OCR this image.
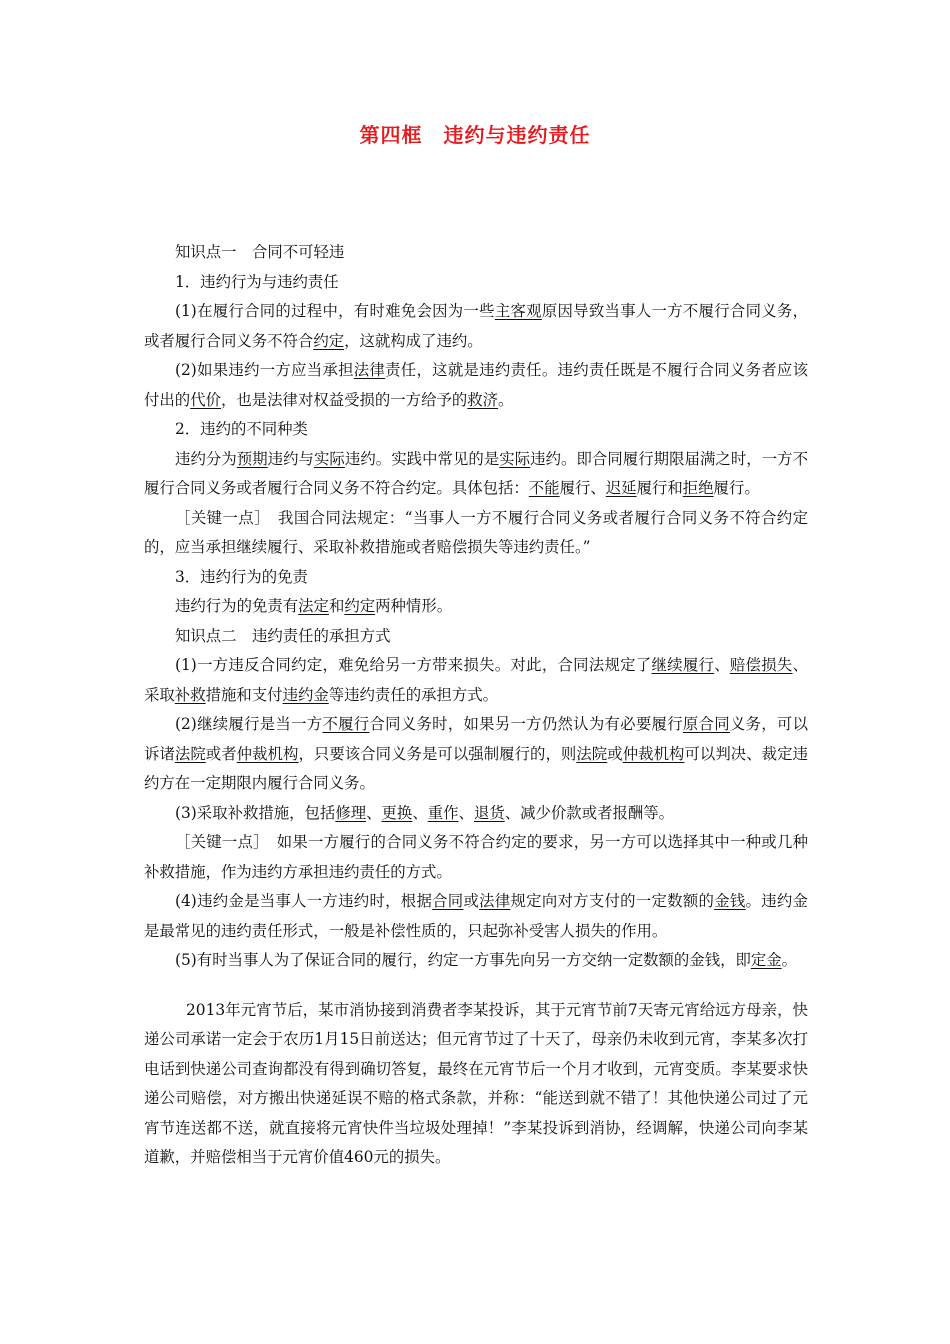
第四框　违约与违约责任

知识点一　合同不可轻违

1．违约行为与违约责任

(1)在履行合同的过程中，有时难免会因为一些主客观原因导致当事人一方不履行合同义务，或者履行合同义务不符合约定，这就构成了违约。

(2)如果违约一方应当承担法律责任，这就是违约责任。违约责任既是不履行合同义务者应该付出的代价，也是法律对权益受损的一方给予的救济。

2．违约的不同种类

违约分为预期违约与实际违约。实践中常见的是实际违约。即合同履行期限届满之时，一方不履行合同义务或者履行合同义务不符合约定。具体包括：不能履行、迟延履行和拒绝履行。

［关键一点］　我国合同法规定：“当事人一方不履行合同义务或者履行合同义务不符合约定的，应当承担继续履行、采取补救措施或者赔偿损失等违约责任。”

3．违约行为的免责

违约行为的免责有法定和约定两种情形。

知识点二　违约责任的承担方式

(1)一方违反合同约定，难免给另一方带来损失。对此，合同法规定了继续履行、赔偿损失、采取补救措施和支付违约金等违约责任的承担方式。

(2)继续履行是当一方不履行合同义务时，如果另一方仍然认为有必要履行原合同义务，可以诉诸法院或者仲裁机构，只要该合同义务是可以强制履行的，则法院或仲裁机构可以判决、裁定违约方在一定期限内履行合同义务。

(3)采取补救措施，包括修理、更换、重作、退货、减少价款或者报酬等。

［关键一点］　如果一方履行的合同义务不符合约定的要求，另一方可以选择其中一种或几种补救措施，作为违约方承担违约责任的方式。

(4)违约金是当事人一方违约时，根据合同或法律规定向对方支付的一定数额的金钱。违约金是最常见的违约责任形式，一般是补偿性质的，只起弥补受害人损失的作用。

(5)有时当事人为了保证合同的履行，约定一方事先向另一方交纳一定数额的金钱，即定金。

2013年元宵节后，某市消协接到消费者李某投诉，其于元宵节前7天寄元宵给远方母亲，快递公司承诺一定会于农历1月15日前送达；但元宵节过了十天了，母亲仍未收到元宵，李某多次打电话到快递公司查询都没有得到确切答复，最终在元宵节后一个月才收到，元宵变质。李某要求快递公司赔偿，对方搬出快递延误不赔的格式条款，并称：“能送到就不错了！其他快递公司过了元宵节连送都不送，就直接将元宵快件当垃圾处理掉！”李某投诉到消协，经调解，快递公司向李某道歉，并赔偿相当于元宵价值460元的损失。
